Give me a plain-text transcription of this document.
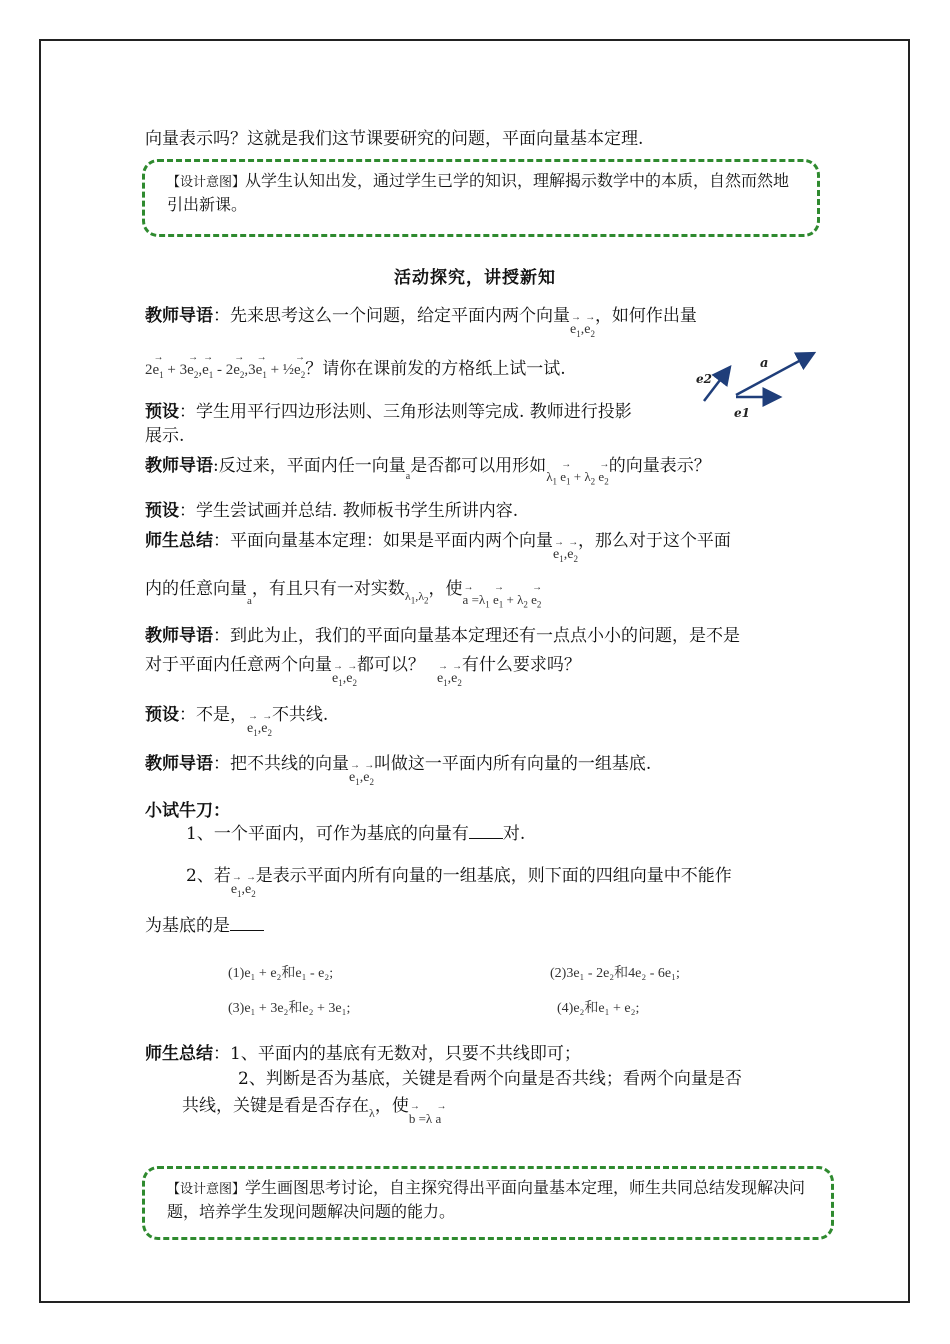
向量表示吗？这就是我们这节课要研究的问题，平面向量基本定理.
【设计意图】从学生认知出发，通过学生已学的知识，理解揭示数学中的本质，自然而然地引出新课。
活动探究，讲授新知
教师导语：先来思考这么一个问题，给定平面内两个向量→ $_{e_1,\to e_2}$，如何作出量
$2\to e_1 + 3\to e_2,\to e_1 - 2\to e_2,3\to e_1$ + ½→ $e_2$？请你在课前发的方格纸上试一试.	a
e2
e1
预设：学生用平行四边形法则、三角形法则等完成. 教师进行投影
展示.
教师导语:反过来，平面内任一向量$_a$是否都可以用形如$_{\lambda_1 \to e_1 + \lambda_2 \to e_2}$的向量表示？
预设：学生尝试画并总结. 教师板书学生所讲内容.
师生总结：平面向量基本定理：如果是平面内两个向量→ $_{e_1,\to e_2}$，那么对于这个平面
内的任意向量$_a$，有且只有一对实数$_{\lambda_1,\lambda_2}$，使→ $_{a =\lambda_1 \to e_1 + \lambda_2 \to e_2}$
教师导语：到此为止，我们的平面向量基本定理还有一点点小小的问题，是不是
对于平面内任意两个向量→ $_{e_1,\to e_2}$都可以？→ $_{e_1,\to e_2}$有什么要求吗？
预设：不是，→ $_{e_1,\to e_2}$不共线.
教师导语：把不共线的向量→ $_{e_1,\to e_2}$叫做这一平面内所有向量的一组基底.
小试牛刀：
1、一个平面内，可作为基底的向量有 对.
2、若→ $_{e_1,\to e_2}$是表示平面内所有向量的一组基底，则下面的四组向量中不能作
为基底的是
(1)e₁ + e₂和e₁ - e₂;	(2)3e₁ - 2e₂和4e₂ - 6e₁;
(3)e₁ + 3e₂和e₂ + 3e₁;	(4)e₂和e₁ + e₂;
师生总结：1、平面内的基底有无数对，只要不共线即可；
2、判断是否为基底，关键是看两个向量是否共线；看两个向量是否
共线，关键是看是否存在$_\lambda$，使→ $_{b =\lambda \to a}$
【设计意图】学生画图思考讨论，自主探究得出平面向量基本定理，师生共同总结发现解决问题，培养学生发现问题解决问题的能力。
